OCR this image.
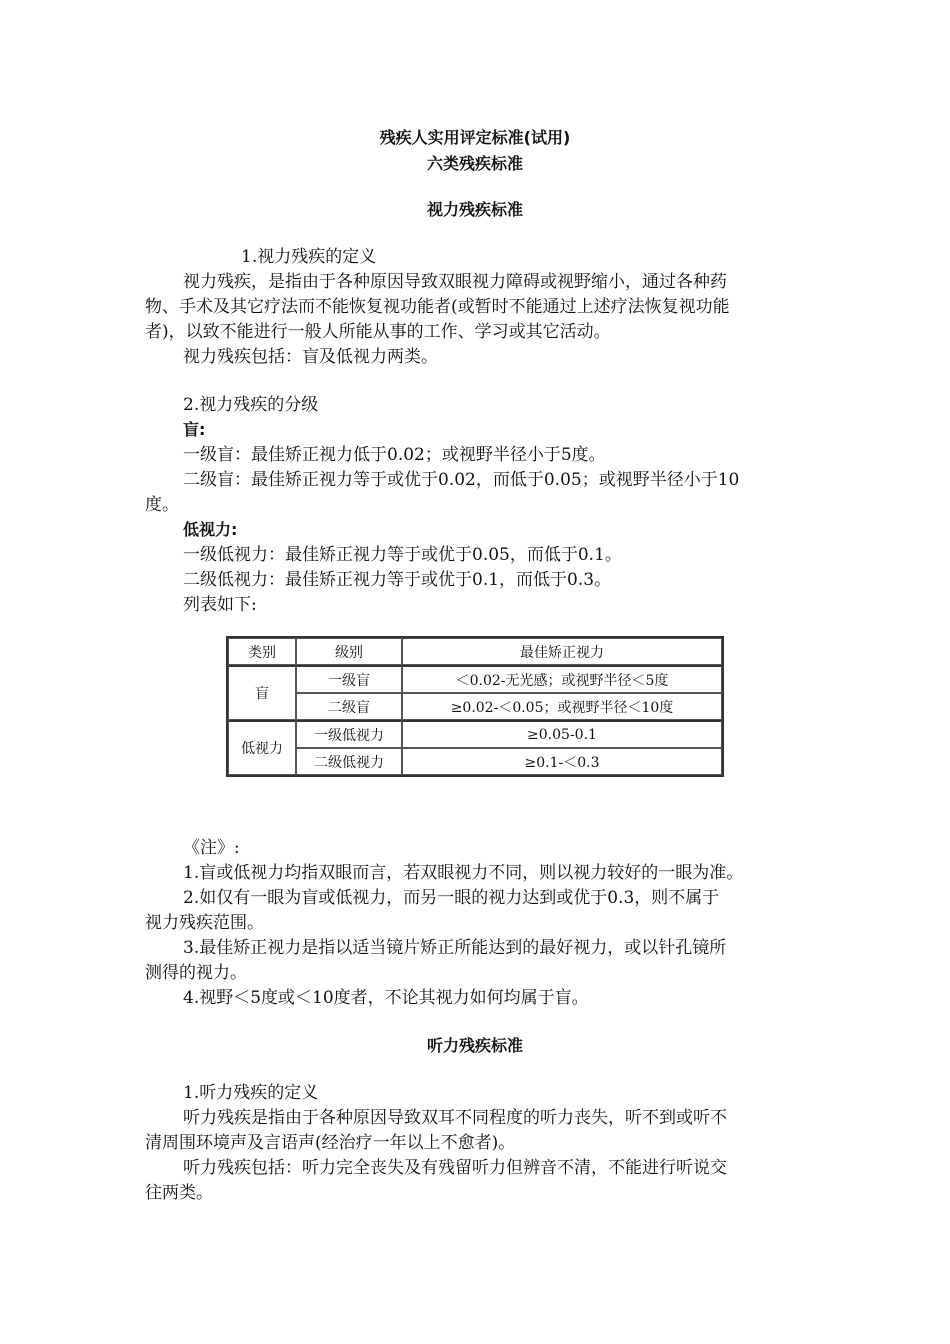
残疾人实用评定标准(试用)
六类残疾标准
视力残疾标准
1.视力残疾的定义
视力残疾，是指由于各种原因导致双眼视力障碍或视野缩小，通过各种药
物、手术及其它疗法而不能恢复视功能者(或暂时不能通过上述疗法恢复视功能
者)，以致不能进行一般人所能从事的工作、学习或其它活动。
视力残疾包括：盲及低视力两类。
2.视力残疾的分级
盲:
一级盲：最佳矫正视力低于0.02；或视野半径小于5度。
二级盲：最佳矫正视力等于或优于0.02，而低于0.05；或视野半径小于10
度。
低视力:
一级低视力：最佳矫正视力等于或优于0.05，而低于0.1。
二级低视力：最佳矫正视力等于或优于0.1，而低于0.3。
列表如下:
类别	级别	最佳矫正视力
盲	一级盲	＜0.02-无光感；或视野半径＜5度
	二级盲	≥0.02-＜0.05；或视野半径＜10度
低视力	一级低视力	≥0.05-0.1
	二级低视力	≥0.1-＜0.3
《注》:
1.盲或低视力均指双眼而言，若双眼视力不同，则以视力较好的一眼为准。
2.如仅有一眼为盲或低视力，而另一眼的视力达到或优于0.3，则不属于
视力残疾范围。
3.最佳矫正视力是指以适当镜片矫正所能达到的最好视力，或以针孔镜所
测得的视力。
4.视野＜5度或＜10度者，不论其视力如何均属于盲。
听力残疾标准
1.听力残疾的定义
听力残疾是指由于各种原因导致双耳不同程度的听力丧失，听不到或听不
清周围环境声及言语声(经治疗一年以上不愈者)。
听力残疾包括：听力完全丧失及有残留听力但辨音不清，不能进行听说交
往两类。
